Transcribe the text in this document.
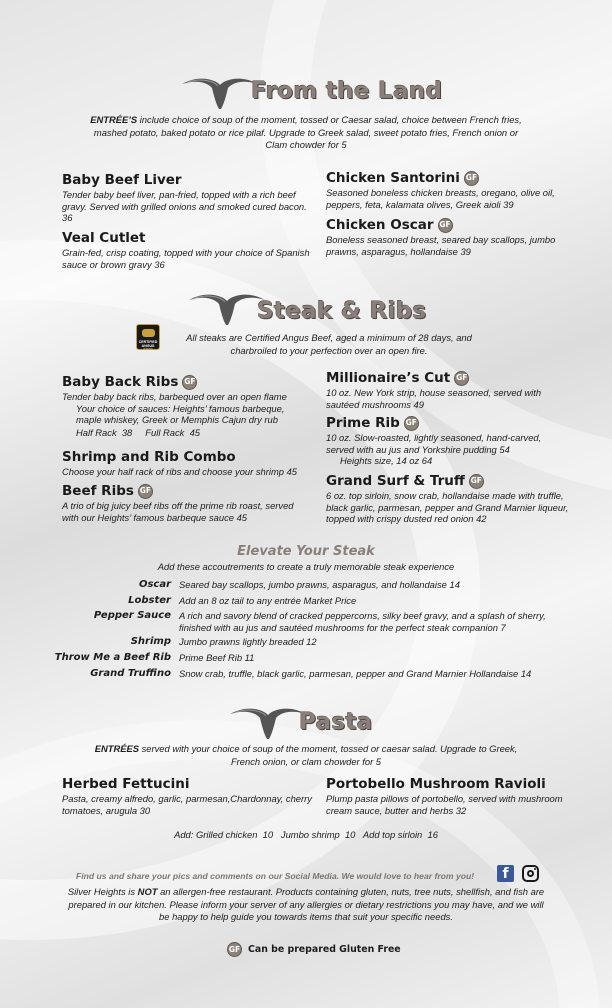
From the Land
ENTRÉE’S include choice of soup of the moment, tossed or Caesar salad, choice between French fries, mashed potato, baked potato or rice pilaf. Upgrade to Greek salad, sweet potato fries, French onion or Clam chowder for 5
Baby Beef Liver
Tender baby beef liver, pan-fried, topped with a rich beef gravy. Served with grilled onions and smoked cured bacon. 36
Veal Cutlet
Grain-fed, crisp coating, topped with your choice of Spanish sauce or brown gravy 36
Chicken Santorini GF
Seasoned boneless chicken breasts, oregano, olive oil, peppers, feta, kalamata olives, Greek aioli 39
Chicken Oscar GF
Boneless seasoned breast, seared bay scallops, jumbo prawns, asparagus, hollandaise 39
Steak & Ribs
CERTIFIED ANGUS BEEF
All steaks are Certified Angus Beef, aged a minimum of 28 days, and charbroiled to your perfection over an open fire.
Baby Back Ribs GF
Tender baby back ribs, barbequed over an open flame
Your choice of sauces: Heights’ famous barbeque, maple whiskey, Greek or Memphis Cajun dry rub
Half Rack  38     Full Rack  45
Shrimp and Rib Combo
Choose your half rack of ribs and choose your shrimp 45
Beef Ribs GF
A trio of big juicy beef ribs off the prime rib roast, served with our Heights’ famous barbeque sauce 45
Millionaire’s Cut GF
10 oz. New York strip, house seasoned, served with sautéed mushrooms 49
Prime Rib GF
10 oz. Slow-roasted, lightly seasoned, hand-carved, served with au jus and Yorkshire pudding 54
Heights size, 14 oz 64
Grand Surf & Truff GF
6 oz. top sirloin, snow crab, hollandaise made with truffle, black garlic, parmesan, pepper and Grand Marnier liqueur, topped with crispy dusted red onion 42
Elevate Your Steak
Add these accoutrements to create a truly memorable steak experience
Oscar Seared bay scallops, jumbo prawns, asparagus, and hollandaise 14
Lobster Add an 8 oz tail to any entrée Market Price
Pepper Sauce A rich and savory blend of cracked peppercorns, silky beef gravy, and a splash of sherry, finished with au jus and sautéed mushrooms for the perfect steak companion 7
Shrimp Jumbo prawns lightly breaded 12
Throw Me a Beef Rib Prime Beef Rib 11
Grand Truffino Snow crab, truffle, black garlic, parmesan, pepper and Grand Marnier Hollandaise 14
Pasta
ENTRÉES served with your choice of soup of the moment, tossed or caesar salad. Upgrade to Greek, French onion, or clam chowder for 5
Herbed Fettucini
Pasta, creamy alfredo, garlic, parmesan,Chardonnay, cherry tomatoes, arugula 30
Portobello Mushroom Ravioli
Plump pasta pillows of portobello, served with mushroom cream sauce, butter and herbs 32
Add: Grilled chicken  10   Jumbo shrimp  10   Add top sirloin  16
Find us and share your pics and comments on our Social Media. We would love to hear from you!	f
Silver Heights is NOT an allergen-free restaurant. Products containing gluten, nuts, tree nuts, shellfish, and fish are prepared in our kitchen. Please inform your server of any allergies or dietary restrictions you may have, and we will be happy to help guide you towards items that suit your specific needs.
GF Can be prepared Gluten Free
